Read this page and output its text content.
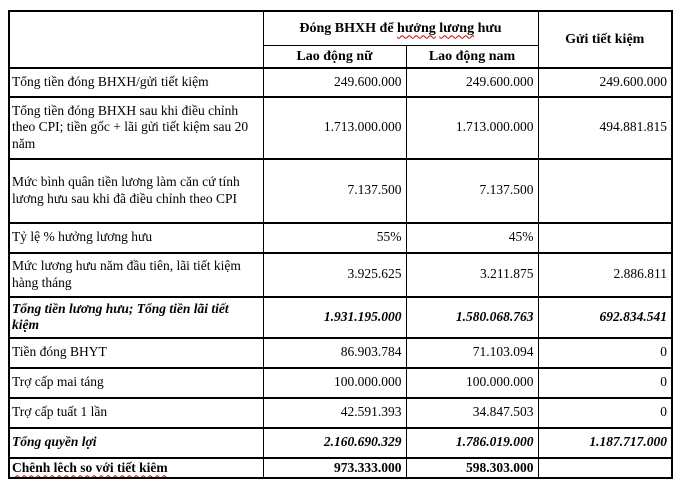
	Đóng BHXH để hưởng lương hưu		Gửi tiết kiệm
	Lao động nữ	Lao động nam	
Tổng tiền đóng BHXH/gửi tiết kiệm	249.600.000	249.600.000	249.600.000
Tổng tiền đóng BHXH sau khi điều chỉnh theo CPI; tiền gốc + lãi gửi tiết kiệm sau 20 năm	1.713.000.000	1.713.000.000	494.881.815
Mức bình quân tiền lương làm căn cứ tính lương hưu sau khi đã điều chỉnh theo CPI	7.137.500	7.137.500	
Tỷ lệ % hưởng lương hưu	55%	45%	
Mức lương hưu năm đầu tiên, lãi tiết kiệm hàng tháng	3.925.625	3.211.875	2.886.811
Tổng tiền lương hưu; Tổng tiền lãi tiết kiệm	1.931.195.000	1.580.068.763	692.834.541
Tiền đóng BHYT	86.903.784	71.103.094	0
Trợ cấp mai táng	100.000.000	100.000.000	0
Trợ cấp tuất 1 lần	42.591.393	34.847.503	0
Tổng quyền lợi	2.160.690.329	1.786.019.000	1.187.717.000
Chênh lêch so với tiết kiêm	973.333.000	598.303.000	
